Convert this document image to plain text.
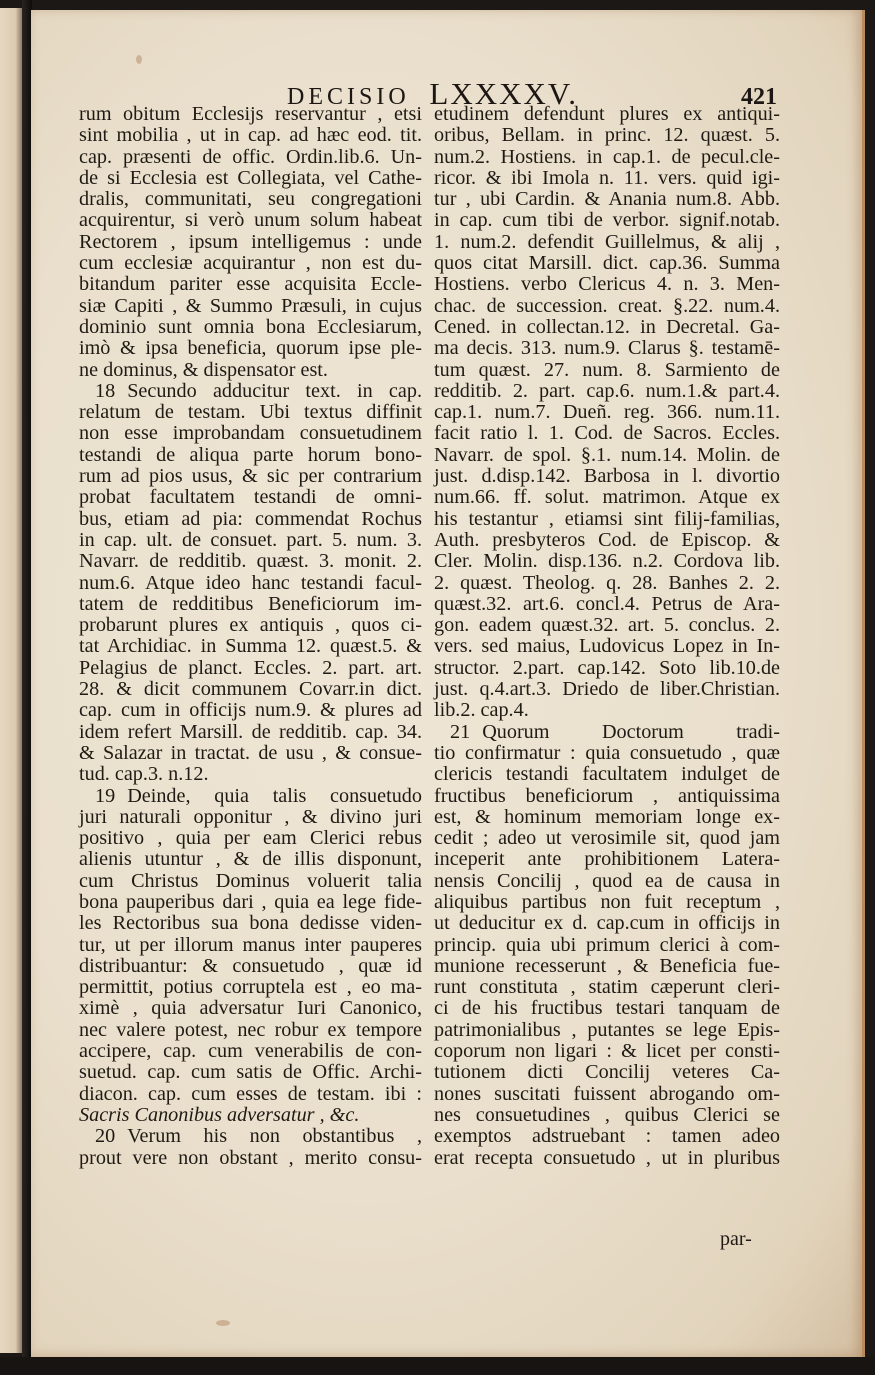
DECISIO LXXXXV.	421
rum obitum Ecclesijs reservantur , etsi
sint mobilia , ut in cap. ad hæc eod. tit.
cap. præsenti de offic. Ordin.lib.6. Un-
de si Ecclesia est Collegiata, vel Cathe-
dralis, communitati, seu congregationi
acquirentur, si verò unum solum habeat
Rectorem , ipsum intelligemus : unde
cum ecclesiæ acquirantur , non est du-
bitandum pariter esse acquisita Eccle-
siæ Capiti , & Summo Præsuli, in cujus
dominio sunt omnia bona Ecclesiarum,
imò & ipsa beneficia, quorum ipse ple-
ne dominus, & dispensator est.
18 Secundo adducitur text. in cap.
relatum de testam. Ubi textus diffinit
non esse improbandam consuetudinem
testandi de aliqua parte horum bono-
rum ad pios usus, & sic per contrarium
probat facultatem testandi de omni-
bus, etiam ad pia: commendat Rochus
in cap. ult. de consuet. part. 5. num. 3.
Navarr. de redditib. quæst. 3. monit. 2.
num.6. Atque ideo hanc testandi facul-
tatem de redditibus Beneficiorum im-
probarunt plures ex antiquis , quos ci-
tat Archidiac. in Summa 12. quæst.5. &
Pelagius de planct. Eccles. 2. part. art.
28. & dicit communem Covarr.in dict.
cap. cum in officijs num.9. & plures ad
idem refert Marsill. de redditib. cap. 34.
& Salazar in tractat. de usu , & consue-
tud. cap.3. n.12.
19 Deinde, quia talis consuetudo
juri naturali opponitur , & divino juri
positivo , quia per eam Clerici rebus
alienis utuntur , & de illis disponunt,
cum Christus Dominus voluerit talia
bona pauperibus dari , quia ea lege fide-
les Rectoribus sua bona dedisse viden-
tur, ut per illorum manus inter pauperes
distribuantur: & consuetudo , quæ id
permittit, potius corruptela est , eo ma-
ximè , quia adversatur Iuri Canonico,
nec valere potest, nec robur ex tempore
accipere, cap. cum venerabilis de con-
suetud. cap. cum satis de Offic. Archi-
diacon. cap. cum esses de testam. ibi :
Sacris Canonibus adversatur , &c.
20 Verum his non obstantibus ,
prout vere non obstant , merito consu-
etudinem defendunt plures ex antiqui-
oribus, Bellam. in princ. 12. quæst. 5.
num.2. Hostiens. in cap.1. de pecul.cle-
ricor. & ibi Imola n. 11. vers. quid igi-
tur , ubi Cardin. & Anania num.8. Abb.
in cap. cum tibi de verbor. signif.notab.
1. num.2. defendit Guillelmus, & alij ,
quos citat Marsill. dict. cap.36. Summa
Hostiens. verbo Clericus 4. n. 3. Men-
chac. de succession. creat. §.22. num.4.
Cened. in collectan.12. in Decretal. Ga-
ma decis. 313. num.9. Clarus §. testamē-
tum quæst. 27. num. 8. Sarmiento de
redditib. 2. part. cap.6. num.1.& part.4.
cap.1. num.7. Dueñ. reg. 366. num.11.
facit ratio l. 1. Cod. de Sacros. Eccles.
Navarr. de spol. §.1. num.14. Molin. de
just. d.disp.142. Barbosa in l. divortio
num.66. ff. solut. matrimon. Atque ex
his testantur , etiamsi sint filij-familias,
Auth. presbyteros Cod. de Episcop. &
Cler. Molin. disp.136. n.2. Cordova lib.
2. quæst. Theolog. q. 28. Banhes 2. 2.
quæst.32. art.6. concl.4. Petrus de Ara-
gon. eadem quæst.32. art. 5. conclus. 2.
vers. sed maius, Ludovicus Lopez in In-
structor. 2.part. cap.142. Soto lib.10.de
just. q.4.art.3. Driedo de liber.Christian.
lib.2. cap.4.
21 Quorum Doctorum tradi-
tio confirmatur : quia consuetudo , quæ
clericis testandi facultatem indulget de
fructibus beneficiorum , antiquissima
est, & hominum memoriam longe ex-
cedit ; adeo ut verosimile sit, quod jam
inceperit ante prohibitionem Latera-
nensis Concilij , quod ea de causa in
aliquibus partibus non fuit receptum ,
ut deducitur ex d. cap.cum in officijs in
princip. quia ubi primum clerici à com-
munione recesserunt , & Beneficia fue-
runt constituta , statim cæperunt cleri-
ci de his fructibus testari tanquam de
patrimonialibus , putantes se lege Epis-
coporum non ligari : & licet per consti-
tutionem dicti Concilij veteres Ca-
nones suscitati fuissent abrogando om-
nes consuetudines , quibus Clerici se
exemptos adstruebant : tamen adeo
erat recepta consuetudo , ut in pluribus
par-
